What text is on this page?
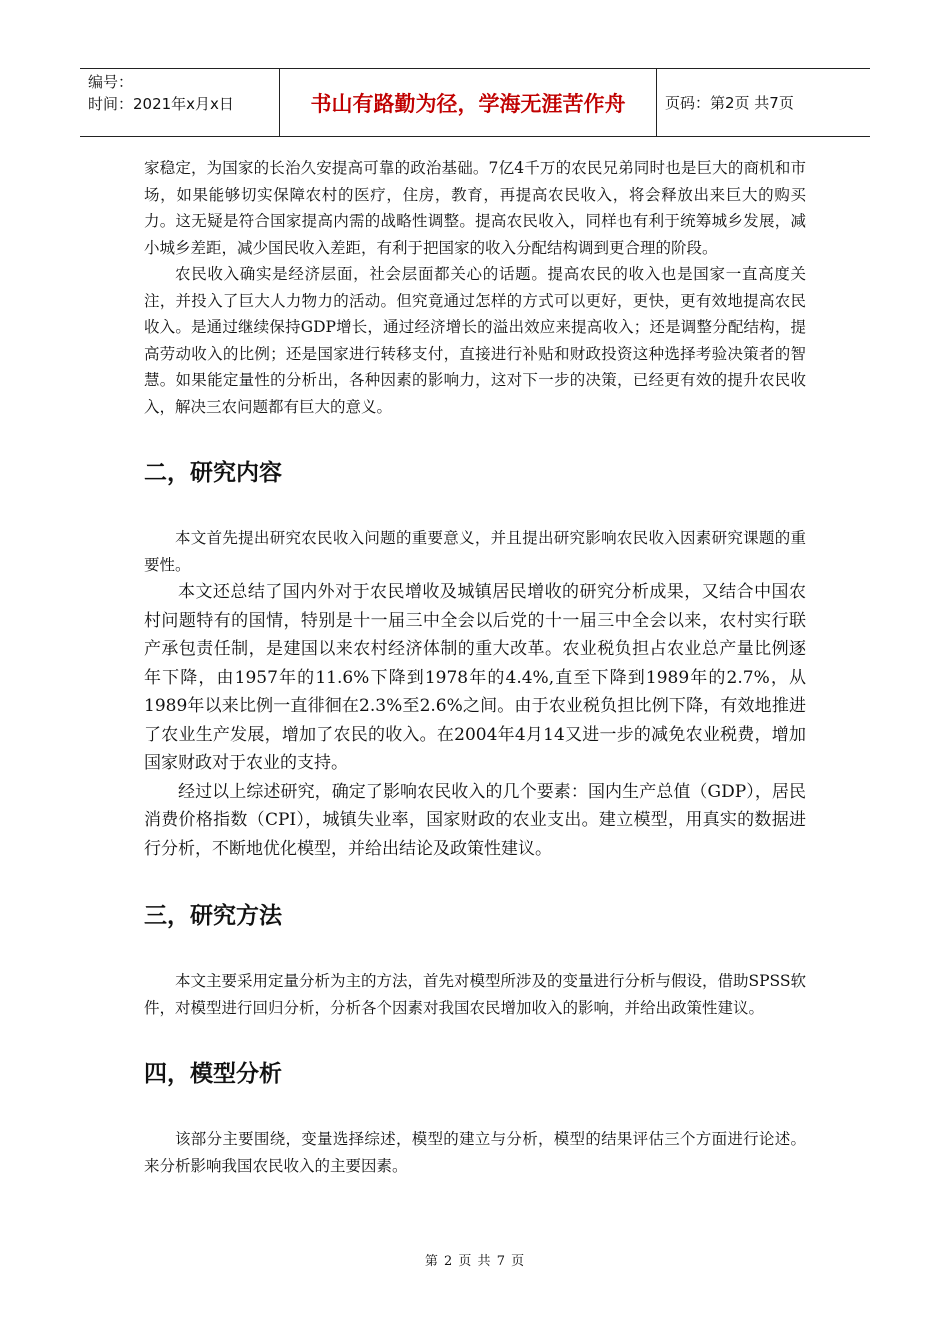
编号：
时间：2021年x月x日	书山有路勤为径，学海无涯苦作舟	页码：第2页 共7页

家稳定，为国家的长治久安提高可靠的政治基础。7亿4千万的农民兄弟同时也是巨大的商机和市场，如果能够切实保障农村的医疗，住房，教育，再提高农民收入，将会释放出来巨大的购买力。这无疑是符合国家提高内需的战略性调整。提高农民收入，同样也有利于统筹城乡发展，减小城乡差距，减少国民收入差距，有利于把国家的收入分配结构调到更合理的阶段。

农民收入确实是经济层面，社会层面都关心的话题。提高农民的收入也是国家一直高度关注，并投入了巨大人力物力的活动。但究竟通过怎样的方式可以更好，更快，更有效地提高农民收入。是通过继续保持GDP增长，通过经济增长的溢出效应来提高收入；还是调整分配结构，提高劳动收入的比例；还是国家进行转移支付，直接进行补贴和财政投资这种选择考验决策者的智慧。如果能定量性的分析出，各种因素的影响力，这对下一步的决策，已经更有效的提升农民收入，解决三农问题都有巨大的意义。

二，研究内容

本文首先提出研究农民收入问题的重要意义，并且提出研究影响农民收入因素研究课题的重要性。

本文还总结了国内外对于农民增收及城镇居民增收的研究分析成果，又结合中国农村问题特有的国情，特别是十一届三中全会以后党的十一届三中全会以来，农村实行联产承包责任制，是建国以来农村经济体制的重大改革。农业税负担占农业总产量比例逐年下降，由1957年的11.6%下降到1978年的4.4%,直至下降到1989年的2.7%，从1989年以来比例一直徘徊在2.3%至2.6%之间。由于农业税负担比例下降，有效地推进了农业生产发展，增加了农民的收入。在2004年4月14又进一步的减免农业税费，增加国家财政对于农业的支持。

经过以上综述研究，确定了影响农民收入的几个要素：国内生产总值（GDP），居民消费价格指数（CPI），城镇失业率，国家财政的农业支出。建立模型，用真实的数据进行分析，不断地优化模型，并给出结论及政策性建议。

三，研究方法

本文主要采用定量分析为主的方法，首先对模型所涉及的变量进行分析与假设，借助SPSS软件，对模型进行回归分析，分析各个因素对我国农民增加收入的影响，并给出政策性建议。

四，模型分析

该部分主要围绕，变量选择综述，模型的建立与分析，模型的结果评估三个方面进行论述。来分析影响我国农民收入的主要因素。

第 2 页 共 7 页
